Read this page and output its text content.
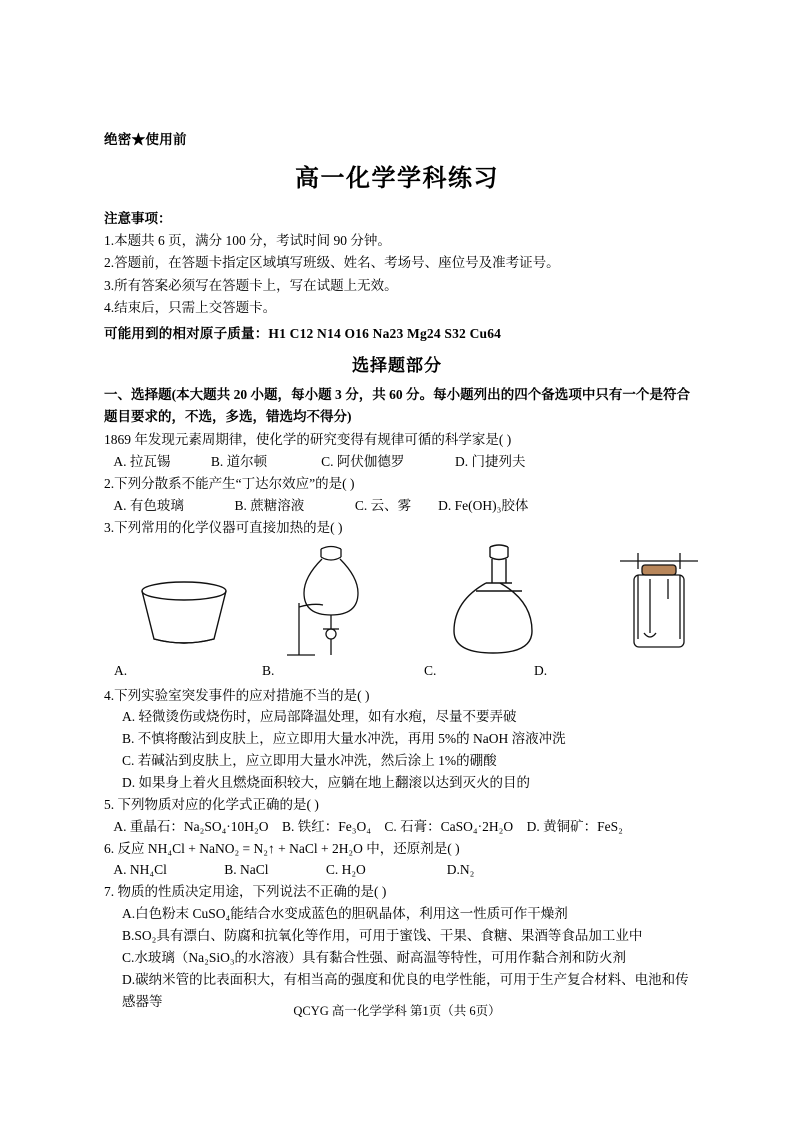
绝密★使用前
高一化学学科练习
注意事项：
1.本题共 6 页，满分 100 分，考试时间 90 分钟。
2.答题前，在答题卡指定区域填写班级、姓名、考场号、座位号及准考证号。
3.所有答案必须写在答题卡上，写在试题上无效。
4.结束后，只需上交答题卡。
可能用到的相对原子质量：H1 C12 N14 O16 Na23 Mg24 S32 Cu64
选择题部分
一、选择题(本大题共 20 小题，每小题 3 分，共 60 分。每小题列出的四个备选项中只有一个是符合题目要求的，不选，多选，错选均不得分)
1869 年发现元素周期律，使化学的研究变得有规律可循的科学家是( )
A. 拉瓦锡            B. 道尔顿                C. 阿伏伽德罗               D. 门捷列夫
2.下列分散系不能产生“丁达尔效应”的是( )
A. 有色玻璃               B. 蔗糖溶液               C. 云、雾        D. Fe(OH)₃胶体
3.下列常用的化学仪器可直接加热的是( )
A.	B.	C.	D.
4.下列实验室突发事件的应对措施不当的是( )
A. 轻微烫伤或烧伤时，应局部降温处理，如有水疱，尽量不要弄破
B. 不慎将酸沾到皮肤上，应立即用大量水冲洗，再用 5%的 NaOH 溶液冲洗
C. 若碱沾到皮肤上，应立即用大量水冲洗，然后涂上 1%的硼酸
D. 如果身上着火且燃烧面积较大，应躺在地上翻滚以达到灭火的目的
5. 下列物质对应的化学式正确的是( )
A. 重晶石：Na₂SO₄·10H₂O    B. 铁红：Fe₃O₄    C. 石膏：CaSO₄·2H₂O    D. 黄铜矿：FeS₂
6. 反应 NH₄Cl + NaNO₂ = N₂↑ + NaCl + 2H₂O 中，还原剂是( )
A. NH₄Cl                 B. NaCl                 C. H₂O                        D.N₂
7. 物质的性质决定用途，下列说法不正确的是( )
A.白色粉末 CuSO₄能结合水变成蓝色的胆矾晶体，利用这一性质可作干燥剂
B.SO₂具有漂白、防腐和抗氧化等作用，可用于蜜饯、干果、食糖、果酒等食品加工业中
C.水玻璃（Na₂SiO₃的水溶液）具有黏合性强、耐高温等特性，可用作黏合剂和防火剂
D.碳纳米管的比表面积大，有相当高的强度和优良的电学性能，可用于生产复合材料、电池和传感器等
QCYG 高一化学学科 第1页（共 6页）
